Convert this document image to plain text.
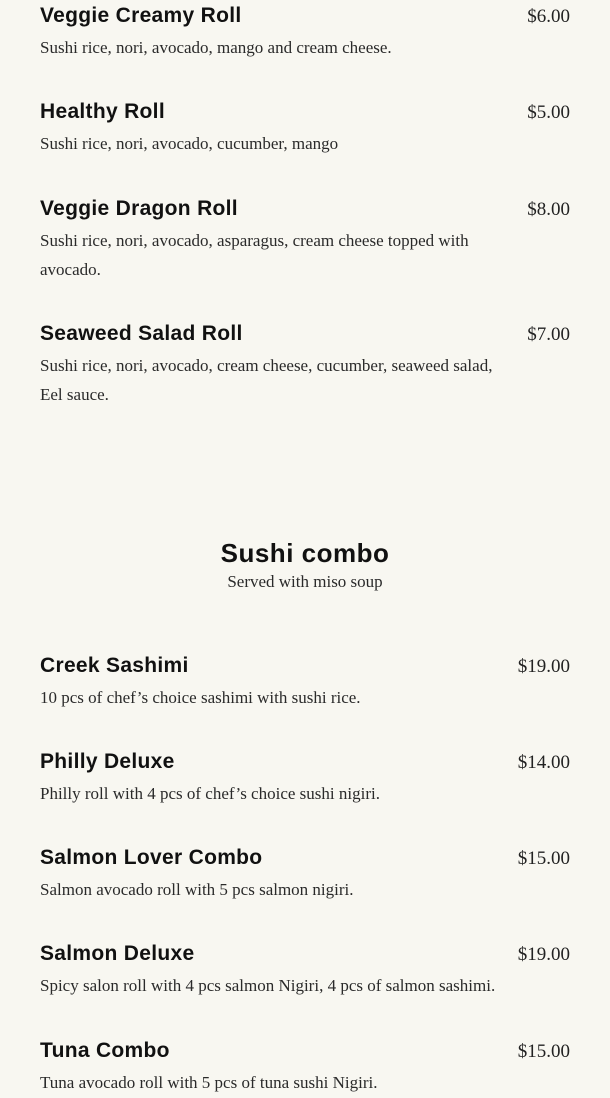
Veggie Creamy Roll	$6.00
Sushi rice, nori, avocado, mango and cream cheese.
Healthy Roll	$5.00
Sushi rice, nori, avocado, cucumber, mango
Veggie Dragon Roll	$8.00
Sushi rice, nori, avocado, asparagus, cream cheese topped with avocado.
Seaweed Salad Roll	$7.00
Sushi rice, nori, avocado, cream cheese, cucumber, seaweed salad, Eel sauce.
Sushi combo
Served with miso soup
Creek Sashimi	$19.00
10 pcs of chef’s choice sashimi with sushi rice.
Philly Deluxe	$14.00
Philly roll with 4 pcs of chef’s choice sushi nigiri.
Salmon Lover Combo	$15.00
Salmon avocado roll with 5 pcs salmon nigiri.
Salmon Deluxe	$19.00
Spicy salon roll with 4 pcs salmon Nigiri, 4 pcs of salmon sashimi.
Tuna Combo	$15.00
Tuna avocado roll with 5 pcs of tuna sushi Nigiri.
